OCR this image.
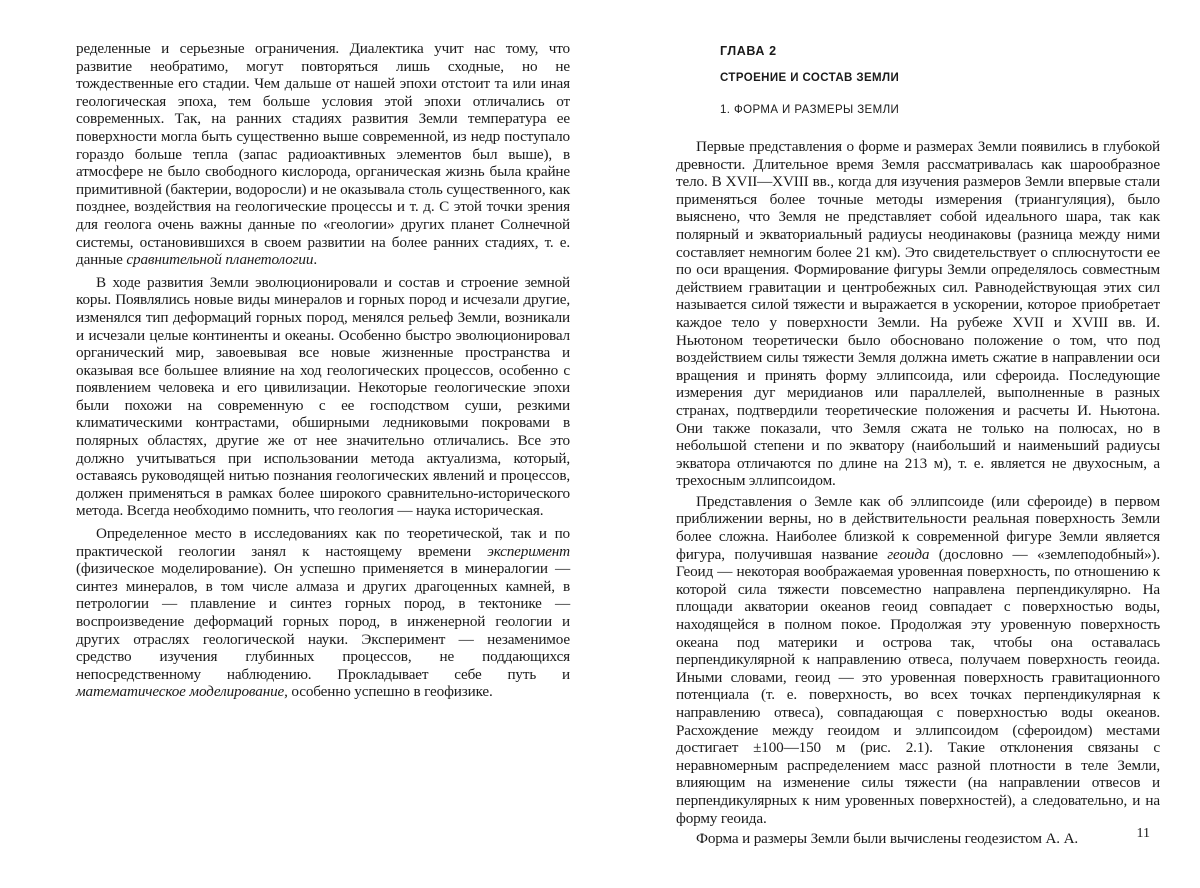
ределенные и серьезные ограничения. Диалектика учит нас тому, что развитие необратимо, могут повторяться лишь сходные, но не тождественные его стадии. Чем дальше от нашей эпохи отстоит та или иная геологическая эпоха, тем больше условия этой эпохи отличались от современных. Так, на ранних стадиях развития Земли температура ее поверхности могла быть существенно выше современной, из недр поступало гораздо больше тепла (запас радиоактивных элементов был выше), в атмосфере не было свободного кислорода, органическая жизнь была крайне примитивной (бактерии, водоросли) и не оказывала столь существенного, как позднее, воздействия на геологические процессы и т. д. С этой точки зрения для геолога очень важны данные по «геологии» других планет Солнечной системы, остановившихся в своем развитии на более ранних стадиях, т. е. данные сравнительной планетологии.

В ходе развития Земли эволюционировали и состав и строение земной коры. Появлялись новые виды минералов и горных пород и исчезали другие, изменялся тип деформаций горных пород, менялся рельеф Земли, возникали и исчезали целые континенты и океаны. Особенно быстро эволюционировал органический мир, завоевывая все новые жизненные пространства и оказывая все большее влияние на ход геологических процессов, особенно с появлением человека и его цивилизации. Некоторые геологические эпохи были похожи на современную с ее господством суши, резкими климатическими контрастами, обширными ледниковыми покровами в полярных областях, другие же от нее значительно отличались. Все это должно учитываться при использовании метода актуализма, который, оставаясь руководящей нитью познания геологических явлений и процессов, должен применяться в рамках более широкого сравнительно-исторического метода. Всегда необходимо помнить, что геология — наука историческая.

Определенное место в исследованиях как по теоретической, так и по практической геологии занял к настоящему времени эксперимент (физическое моделирование). Он успешно применяется в минералогии — синтез минералов, в том числе алмаза и других драгоценных камней, в петрологии — плавление и синтез горных пород, в тектонике — воспроизведение деформаций горных пород, в инженерной геологии и других отраслях геологической науки. Эксперимент — незаменимое средство изучения глубинных процессов, не поддающихся непосредственному наблюдению. Прокладывает себе путь и математическое моделирование, особенно успешно в геофизике.

ГЛАВА 2
СТРОЕНИЕ И СОСТАВ ЗЕМЛИ
1. ФОРМА И РАЗМЕРЫ ЗЕМЛИ

Первые представления о форме и размерах Земли появились в глубокой древности. Длительное время Земля рассматривалась как шарообразное тело. В XVII—XVIII вв., когда для изучения размеров Земли впервые стали применяться более точные методы измерения (триангуляция), было выяснено, что Земля не представляет собой идеального шара, так как полярный и экваториальный радиусы неодинаковы (разница между ними составляет немногим более 21 км). Это свидетельствует о сплюснутости ее по оси вращения. Формирование фигуры Земли определялось совместным действием гравитации и центробежных сил. Равнодействующая этих сил называется силой тяжести и выражается в ускорении, которое приобретает каждое тело у поверхности Земли. На рубеже XVII и XVIII вв. И. Ньютоном теоретически было обосновано положение о том, что под воздействием силы тяжести Земля должна иметь сжатие в направлении оси вращения и принять форму эллипсоида, или сфероида. Последующие измерения дуг меридианов или параллелей, выполненные в разных странах, подтвердили теоретические положения и расчеты И. Ньютона. Они также показали, что Земля сжата не только на полюсах, но в небольшой степени и по экватору (наибольший и наименьший радиусы экватора отличаются по длине на 213 м), т. е. является не двухосным, а трехосным эллипсоидом.

Представления о Земле как об эллипсоиде (или сфероиде) в первом приближении верны, но в действительности реальная поверхность Земли более сложна. Наиболее близкой к современной фигуре Земли является фигура, получившая название геоида (дословно — «землеподобный»). Геоид — некоторая воображаемая уровенная поверхность, по отношению к которой сила тяжести повсеместно направлена перпендикулярно. На площади акватории океанов геоид совпадает с поверхностью воды, находящейся в полном покое. Продолжая эту уровенную поверхность океана под материки и острова так, чтобы она оставалась перпендикулярной к направлению отвеса, получаем поверхность геоида. Иными словами, геоид — это уровенная поверхность гравитационного потенциала (т. е. поверхность, во всех точках перпендикулярная к направлению отвеса), совпадающая с поверхностью воды океанов. Расхождение между геоидом и эллипсоидом (сфероидом) местами достигает ±100—150 м (рис. 2.1). Такие отклонения связаны с неравномерным распределением масс разной плотности в теле Земли, влияющим на изменение силы тяжести (на направлении отвесов и перпендикулярных к ним уровенных поверхностей), а следовательно, и на форму геоида.

Форма и размеры Земли были вычислены геодезистом А. А.	11
